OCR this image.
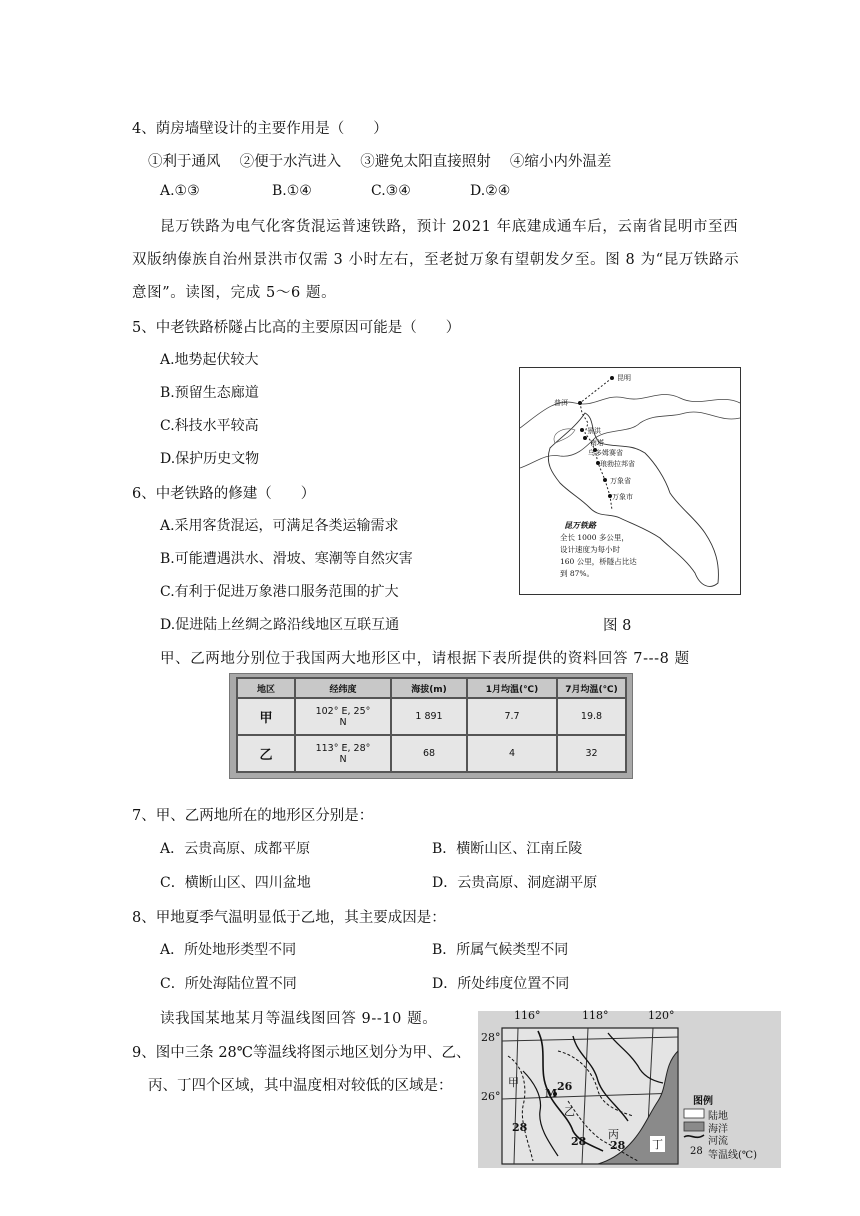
4、荫房墙壁设计的主要作用是（　　）
①利于通风　 ②便于水汽进入　 ③避免太阳直接照射　 ④缩小内外温差
A.①③	B.①④	C.③④	D.②④
昆万铁路为电气化客货混运普速铁路，预计 2021 年底建成通车后，云南省昆明市至西
双版纳傣族自治州景洪市仅需 3 小时左右，至老挝万象有望朝发夕至。图 8 为“昆万铁路示
意图”。读图，完成 5～6 题。
5、中老铁路桥隧占比高的主要原因可能是（　　）
A.地势起伏较大
B.预留生态廊道
C.科技水平较高
D.保护历史文物
6、中老铁路的修建（　　）
A.采用客货混运，可满足各类运输需求
B.可能遭遇洪水、滑坡、寒潮等自然灾害
C.有利于促进万象港口服务范围的扩大
D.促进陆上丝绸之路沿线地区互联互通
昆明
普洱
景洪
南塔
乌多姆赛省
琅勃拉邦省
万象省
万象市
昆万铁路
全长 1000 多公里，
设计速度为每小时
160 公里，桥隧占比达
到 87%。
图 8
甲、乙两地分别位于我国两大地形区中，请根据下表所提供的资料回答 7---8 题
地区	经纬度	海拔(m)	1月均温(℃)	7月均温(℃)
甲	102° E, 25°
N	1 891	7.7	19.8
乙	113° E, 28°
N	68	4	32
7、甲、乙两地所在的地形区分别是：
A．云贵高原、成都平原	B．横断山区、江南丘陵
C．横断山区、四川盆地	D．云贵高原、洞庭湖平原
8、甲地夏季气温明显低于乙地，其主要成因是：
A．所处地形类型不同	B．所属气候类型不同
C．所处海陆位置不同	D．所处纬度位置不同
读我国某地某月等温线图回答 9--10 题。
9、图中三条 28℃等温线将图示地区划分为甲、乙、
丙、丁四个区域，其中温度相对较低的区域是：
116°	118°	120°
28°
26°
甲
乙
丙
丁
M
26
28
28 28
图例
陆地
海洋
河流
28 等温线(℃)
